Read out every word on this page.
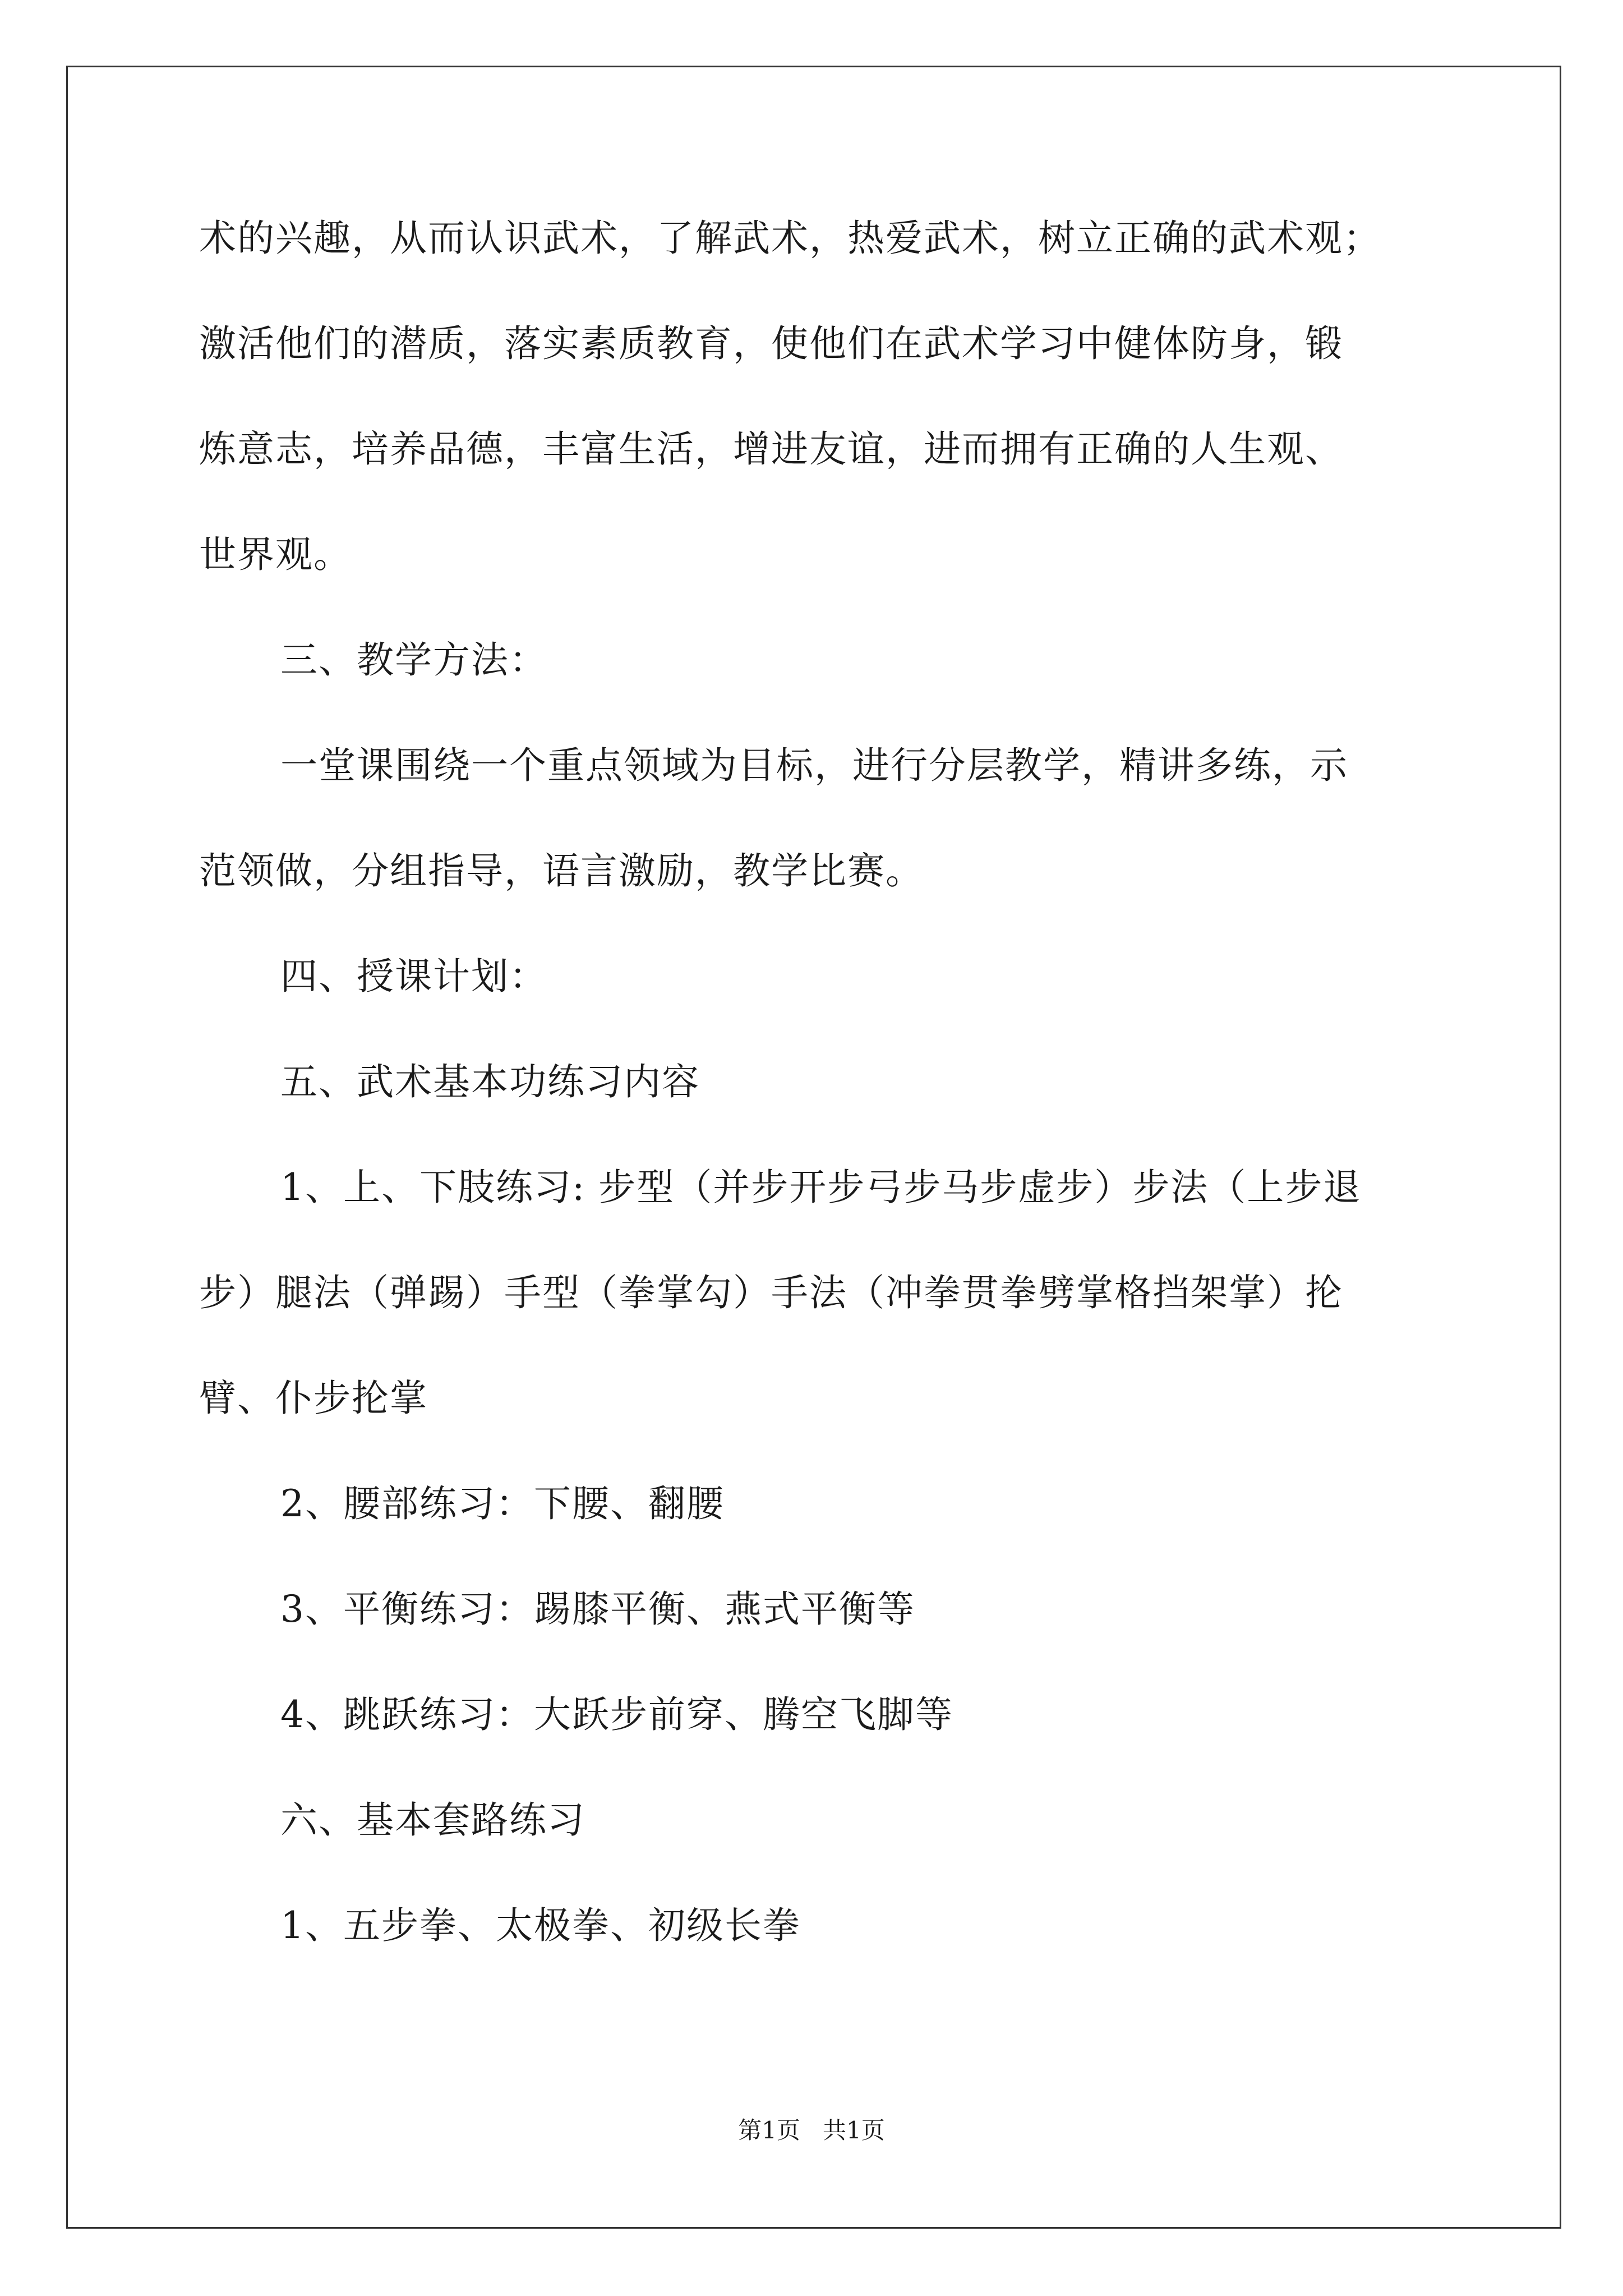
术的兴趣，从而认识武术，了解武术，热爱武术，树立正确的武术观；
激活他们的潜质，落实素质教育，使他们在武术学习中健体防身，锻
炼意志，培养品德，丰富生活，增进友谊，进而拥有正确的人生观、
世界观。
三、教学方法：
一堂课围绕一个重点领域为目标，进行分层教学，精讲多练，示
范领做，分组指导，语言激励，教学比赛。
四、授课计划：
五、武术基本功练习内容
1、上、下肢练习: 步型（并步开步弓步马步虚步）步法（上步退
步）腿法（弹踢）手型（拳掌勾）手法（冲拳贯拳劈掌格挡架掌）抡
臂、仆步抡掌
2、腰部练习：下腰、翻腰
3、平衡练习：踢膝平衡、燕式平衡等
4、跳跃练习：大跃步前穿、腾空飞脚等
六、基本套路练习
1、五步拳、太极拳、初级长拳
第1页 共1页
